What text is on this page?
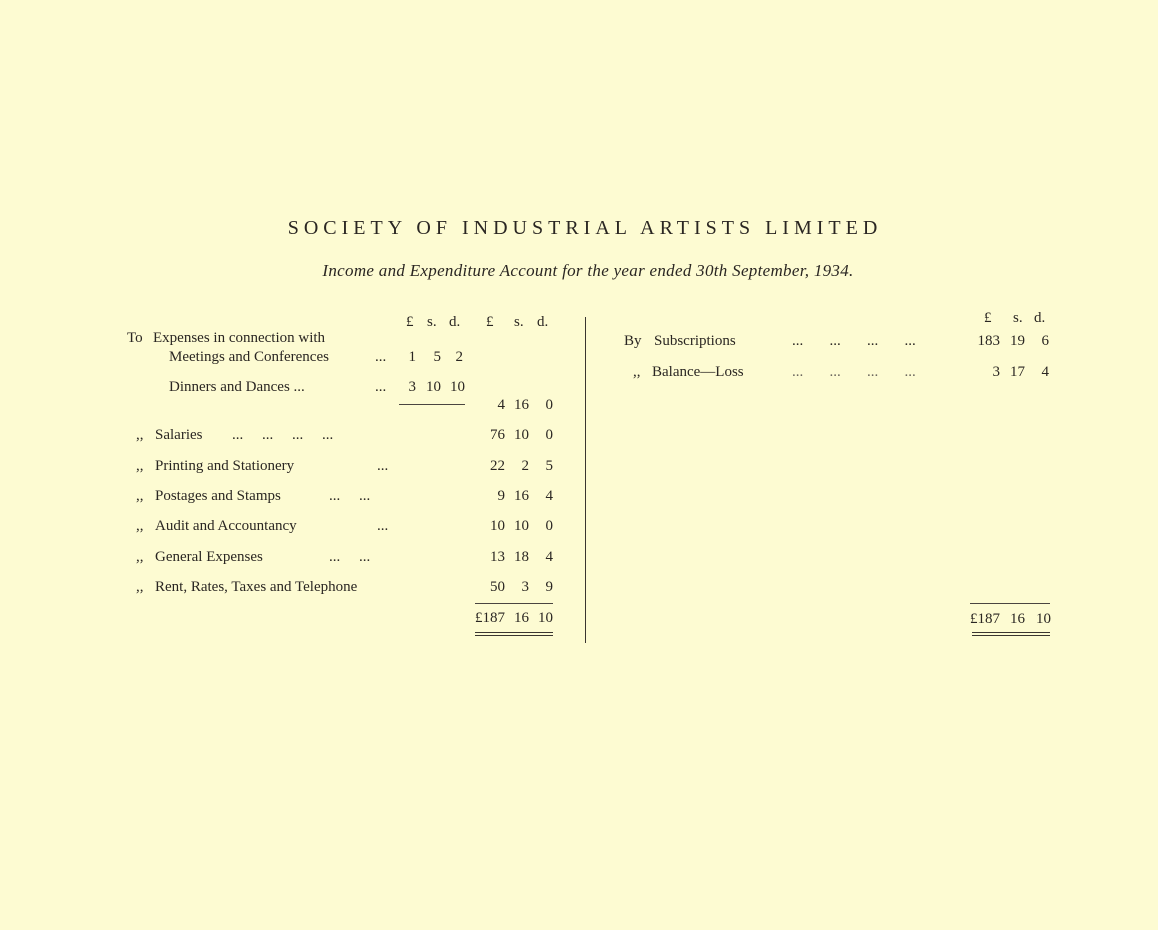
SOCIETY OF INDUSTRIAL ARTISTS LIMITED
Income and Expenditure Account for the year ended 30th September, 1934.
£ s. d. £ s. d.
To Expenses in connection with
Meetings and Conferences	...	1	5 2
Dinners and Dances ...	...	3 10 10
4 16	0
,, Salaries ...     ...     ...     ...	76 10	0
,, Printing and Stationery	...	22	2	5
,, Postages and Stamps	...     ...	9 16	4
,, Audit and Accountancy	...	10 10	0
,, General Expenses	...     ...	13 18	4
,, Rent, Rates, Taxes and Telephone	50	3	9
£187 16 10
£ s. d.
By Subscriptions	...       ...       ...       ...	183 19	6
,, Balance—Loss	...       ...       ...       ...	3 17	4
£187 16 10
